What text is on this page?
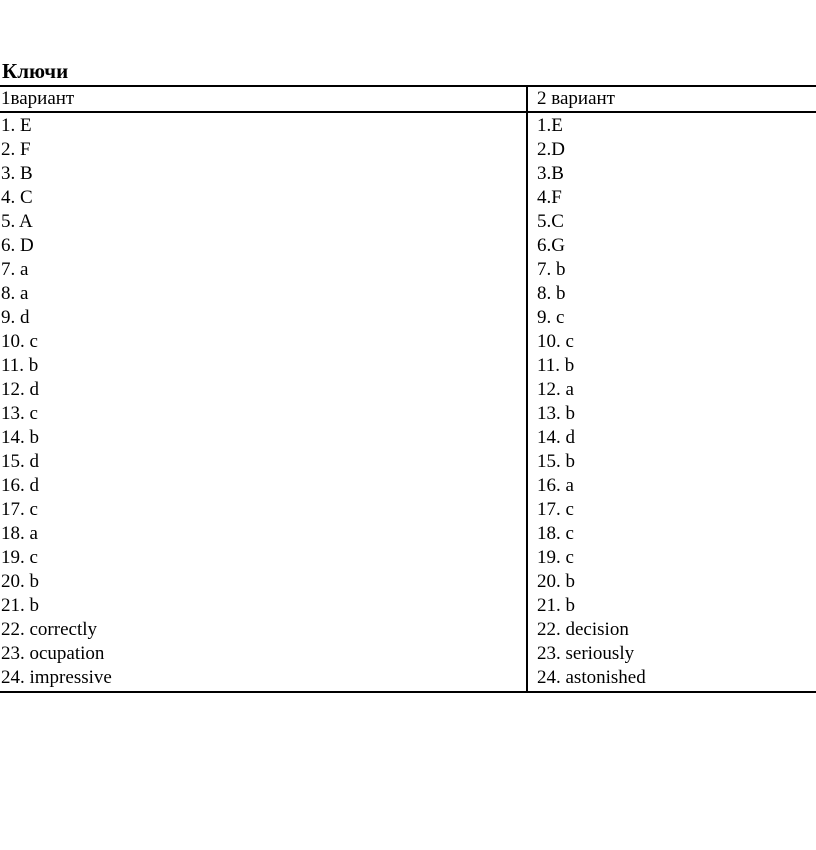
Ключи
1вариант	2 вариант
1. E
2. F
3. B
4. C
5. A
6. D
7. a
8. a
9. d
10. c
11. b
12. d
13. c
14. b
15. d
16. d
17. c
18. a
19. c
20. b
21. b
22. correctly
23. ocupation
24. impressive
1.E
2.D
3.B
4.F
5.C
6.G
7. b
8. b
9. c
10. c
11. b
12. a
13. b
14. d
15. b
16. a
17. c
18. c
19. c
20. b
21. b
22. decision
23. seriously
24. astonished
